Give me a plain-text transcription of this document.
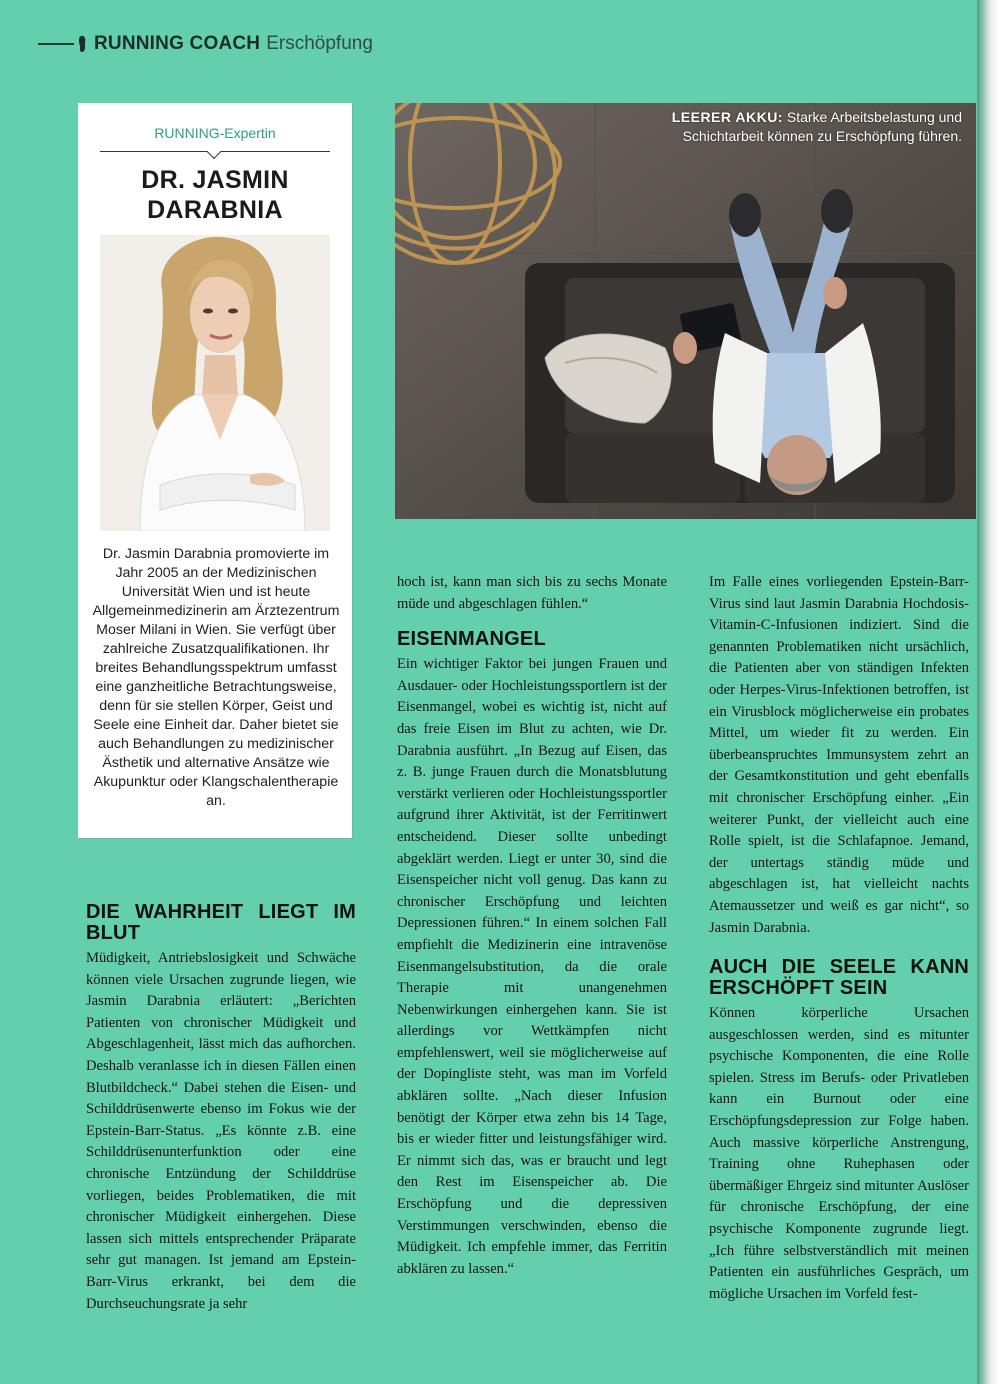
RUNNING COACH Erschöpfung
RUNNING-Expertin
DR. JASMIN
DARABNIA
Dr. Jasmin Darabnia promovierte im Jahr 2005 an der Medizinischen Universität Wien und ist heute Allgemeinmedizinerin am Ärztezentrum Moser Milani in Wien. Sie verfügt über zahlreiche Zusatzqualifikationen. Ihr breites Behandlungsspektrum umfasst eine ganzheitliche Betrachtungsweise, denn für sie stellen Körper, Geist und Seele eine Einheit dar. Daher bietet sie auch Behandlungen zu medizinischer Ästhetik und alternative Ansätze wie Akupunktur oder Klangschalentherapie an.
LEERER AKKU: Starke Arbeitsbelastung und Schichtarbeit können zu Erschöpfung führen.
DIE WAHRHEIT LIEGT IM BLUT

Müdigkeit, Antriebslosigkeit und Schwäche können viele Ursachen zugrunde liegen, wie Jasmin Darabnia erläutert: „Berichten Patienten von chronischer Müdigkeit und Abgeschlagenheit, lässt mich das aufhorchen. Deshalb veranlasse ich in diesen Fällen einen Blutbildcheck.“ Dabei stehen die Eisen- und Schilddrüsenwerte ebenso im Fokus wie der Epstein-Barr-Status. „Es könnte z.B. eine Schilddrüsenunterfunktion oder eine chronische Entzündung der Schilddrüse vorliegen, beides Problematiken, die mit chronischer Müdigkeit einhergehen. Diese lassen sich mittels entsprechender Präparate sehr gut managen. Ist jemand am Epstein-Barr-Virus erkrankt, bei dem die Durchseuchungsrate ja sehr

hoch ist, kann man sich bis zu sechs Monate müde und abgeschlagen fühlen.“

EISENMANGEL

Ein wichtiger Faktor bei jungen Frauen und Ausdauer- oder Hochleistungssportlern ist der Eisenmangel, wobei es wichtig ist, nicht auf das freie Eisen im Blut zu achten, wie Dr. Darabnia ausführt. „In Bezug auf Eisen, das z. B. junge Frauen durch die Monatsblutung verstärkt verlieren oder Hochleistungssportler aufgrund ihrer Aktivität, ist der Ferritinwert entscheidend. Dieser sollte unbedingt abgeklärt werden. Liegt er unter 30, sind die Eisenspeicher nicht voll genug. Das kann zu chronischer Erschöpfung und leichten Depressionen führen.“ In einem solchen Fall empfiehlt die Medizinerin eine intravenöse Eisenmangelsubstitution, da die orale Therapie mit unangenehmen Nebenwirkungen einhergehen kann. Sie ist allerdings vor Wettkämpfen nicht empfehlenswert, weil sie möglicherweise auf der Dopingliste steht, was man im Vorfeld abklären sollte. „Nach dieser Infusion benötigt der Körper etwa zehn bis 14 Tage, bis er wieder fitter und leistungsfähiger wird. Er nimmt sich das, was er braucht und legt den Rest im Eisenspeicher ab. Die Erschöpfung und die depressiven Verstimmungen verschwinden, ebenso die Müdigkeit. Ich empfehle immer, das Ferritin abklären zu lassen.“

Im Falle eines vorliegenden Epstein-Barr-Virus sind laut Jasmin Darabnia Hochdosis-Vitamin-C-Infusionen indiziert. Sind die genannten Problematiken nicht ursächlich, die Patienten aber von ständigen Infekten oder Herpes-Virus-Infektionen betroffen, ist ein Virusblock möglicherweise ein probates Mittel, um wieder fit zu werden. Ein überbeanspruchtes Immunsystem zehrt an der Gesamtkonstitution und geht ebenfalls mit chronischer Erschöpfung einher. „Ein weiterer Punkt, der vielleicht auch eine Rolle spielt, ist die Schlafapnoe. Jemand, der untertags ständig müde und abgeschlagen ist, hat vielleicht nachts Atemaussetzer und weiß es gar nicht“, so Jasmin Darabnia.

AUCH DIE SEELE KANN ERSCHÖPFT SEIN

Können körperliche Ursachen ausgeschlossen werden, sind es mitunter psychische Komponenten, die eine Rolle spielen. Stress im Berufs- oder Privatleben kann ein Burnout oder eine Erschöpfungsdepression zur Folge haben. Auch massive körperliche Anstrengung, Training ohne Ruhephasen oder übermäßiger Ehrgeiz sind mitunter Auslöser für chronische Erschöpfung, der eine psychische Komponente zugrunde liegt. „Ich führe selbstverständlich mit meinen Patienten ein ausführliches Gespräch, um mögliche Ursachen im Vorfeld fest-
